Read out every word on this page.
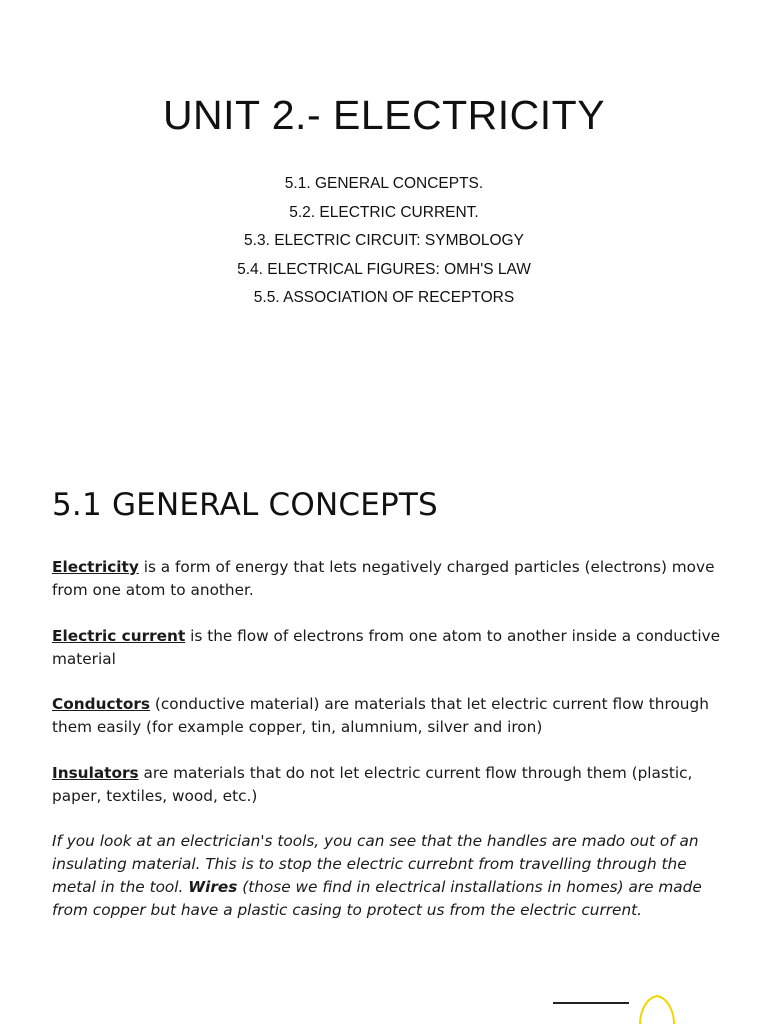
UNIT 2.- ELECTRICITY
5.1. GENERAL CONCEPTS.
5.2. ELECTRIC CURRENT.
5.3. ELECTRIC CIRCUIT: SYMBOLOGY
5.4. ELECTRICAL FIGURES: OMH'S LAW
5.5. ASSOCIATION OF RECEPTORS
5.1 GENERAL CONCEPTS

Electricity is a form of energy that lets negatively charged particles (electrons) move from one atom to another.

Electric current is the flow of electrons from one atom to another inside a conductive material

Conductors (conductive material) are materials that let electric current flow through them easily (for example copper, tin, alumnium, silver and iron)

Insulators are materials that do not let electric current flow through them (plastic, paper, textiles, wood, etc.)

If you look at an electrician's tools, you can see that the handles are mado out of an insulating material. This is to stop the electric currebnt from travelling through the metal in the tool. Wires (those we find in electrical installations in homes) are made from copper but have a plastic casing to protect us from the electric current.
